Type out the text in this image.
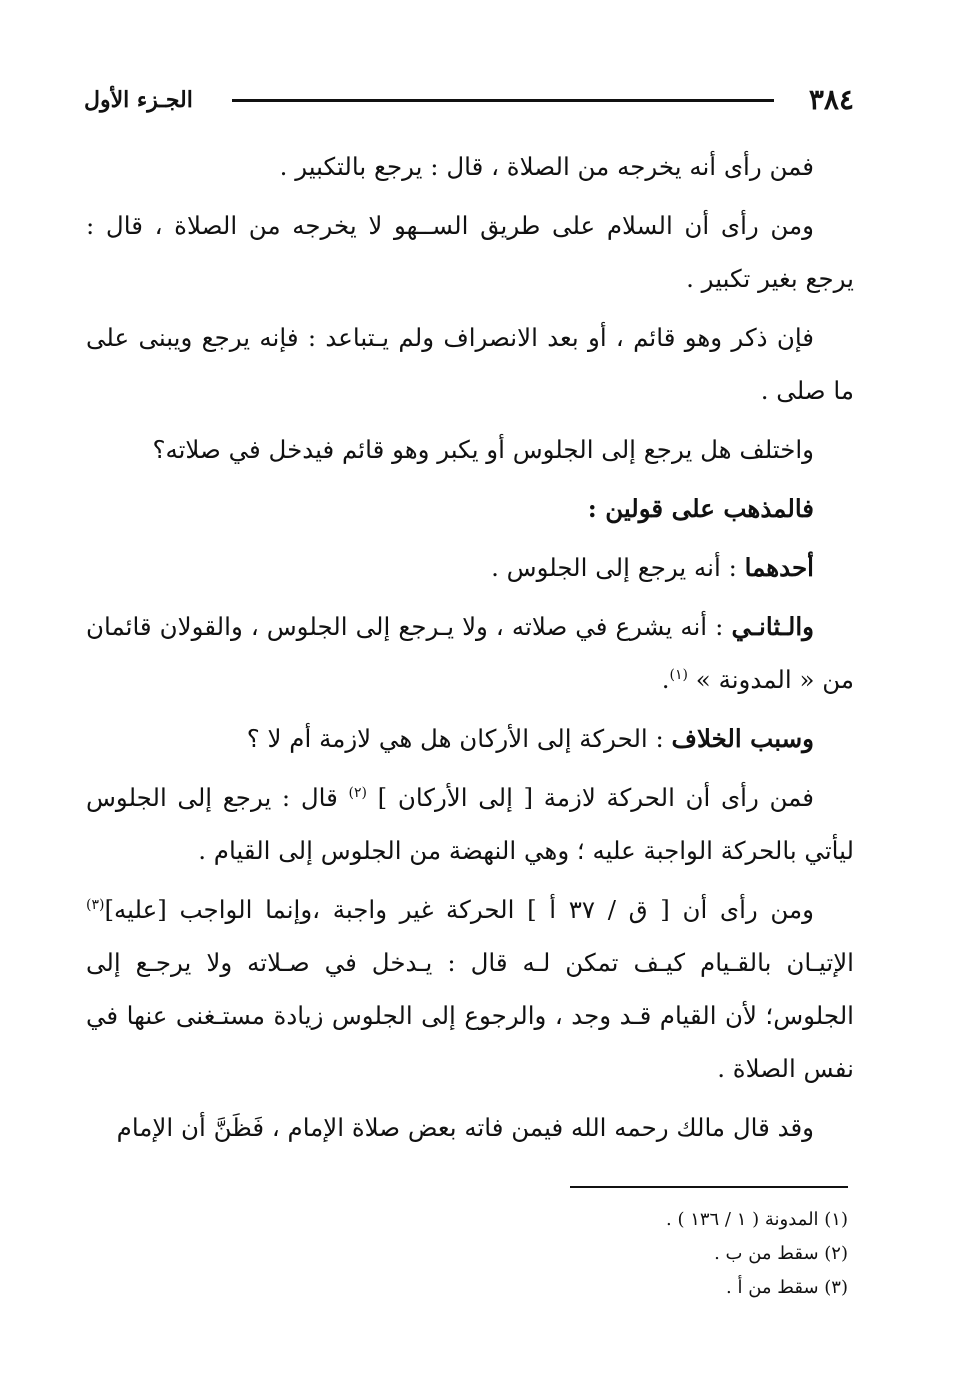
الجـزء الأول	٣٨٤

فمن رأى أنه يخرجه من الصلاة ، قال : يرجع بالتكبير .

ومن رأى أن السلام على طريق الســهو لا يخرجه من الصلاة ، قال : يرجع بغير تكبير .

فإن ذكر وهو قائم ، أو بعد الانصراف ولم يـتباعد : فإنه يرجع ويبنى على ما صلى .

واختلف هل يرجع إلى الجلوس أو يكبر وهو قائم فيدخل في صلاته؟

فالمذهب على قولين :

أحدهما : أنه يرجع إلى الجلوس .

والـثانـي : أنه يشرع في صلاته ، ولا يـرجع إلى الجلوس ، والقولان قائمان من « المدونة » $^{(١)}$.

وسبب الخلاف : الحركة إلى الأركان هل هي لازمة أم لا ؟

فمن رأى أن الحركة لازمة [ إلى الأركان ] $^{(٢)}$ قال : يرجع إلى الجلوس ليأتي بالحركة الواجبة عليه ؛ وهي النهضة من الجلوس إلى القيام .

ومن رأى أن [ ق / ٣٧ أ ] الحركة غير واجبة ،وإنما الواجب [عليه]$^{(٣)}$ الإتيـان بالقـيام كيـف تمكن لـه قال : يـدخل في صـلاته ولا يرجـع إلى الجلوس؛ لأن القيام قـد وجد ، والرجوع إلى الجلوس زيادة مستـغنى عنها في نفس الصلاة .

وقد قال مالك رحمه الله فيمن فاته بعض صلاة الإمام ، فَظَنَّ أن الإمام

(١) المدونة ( ١ / ١٣٦ ) .
(٢) سقط من ب .
(٣) سقط من أ .
